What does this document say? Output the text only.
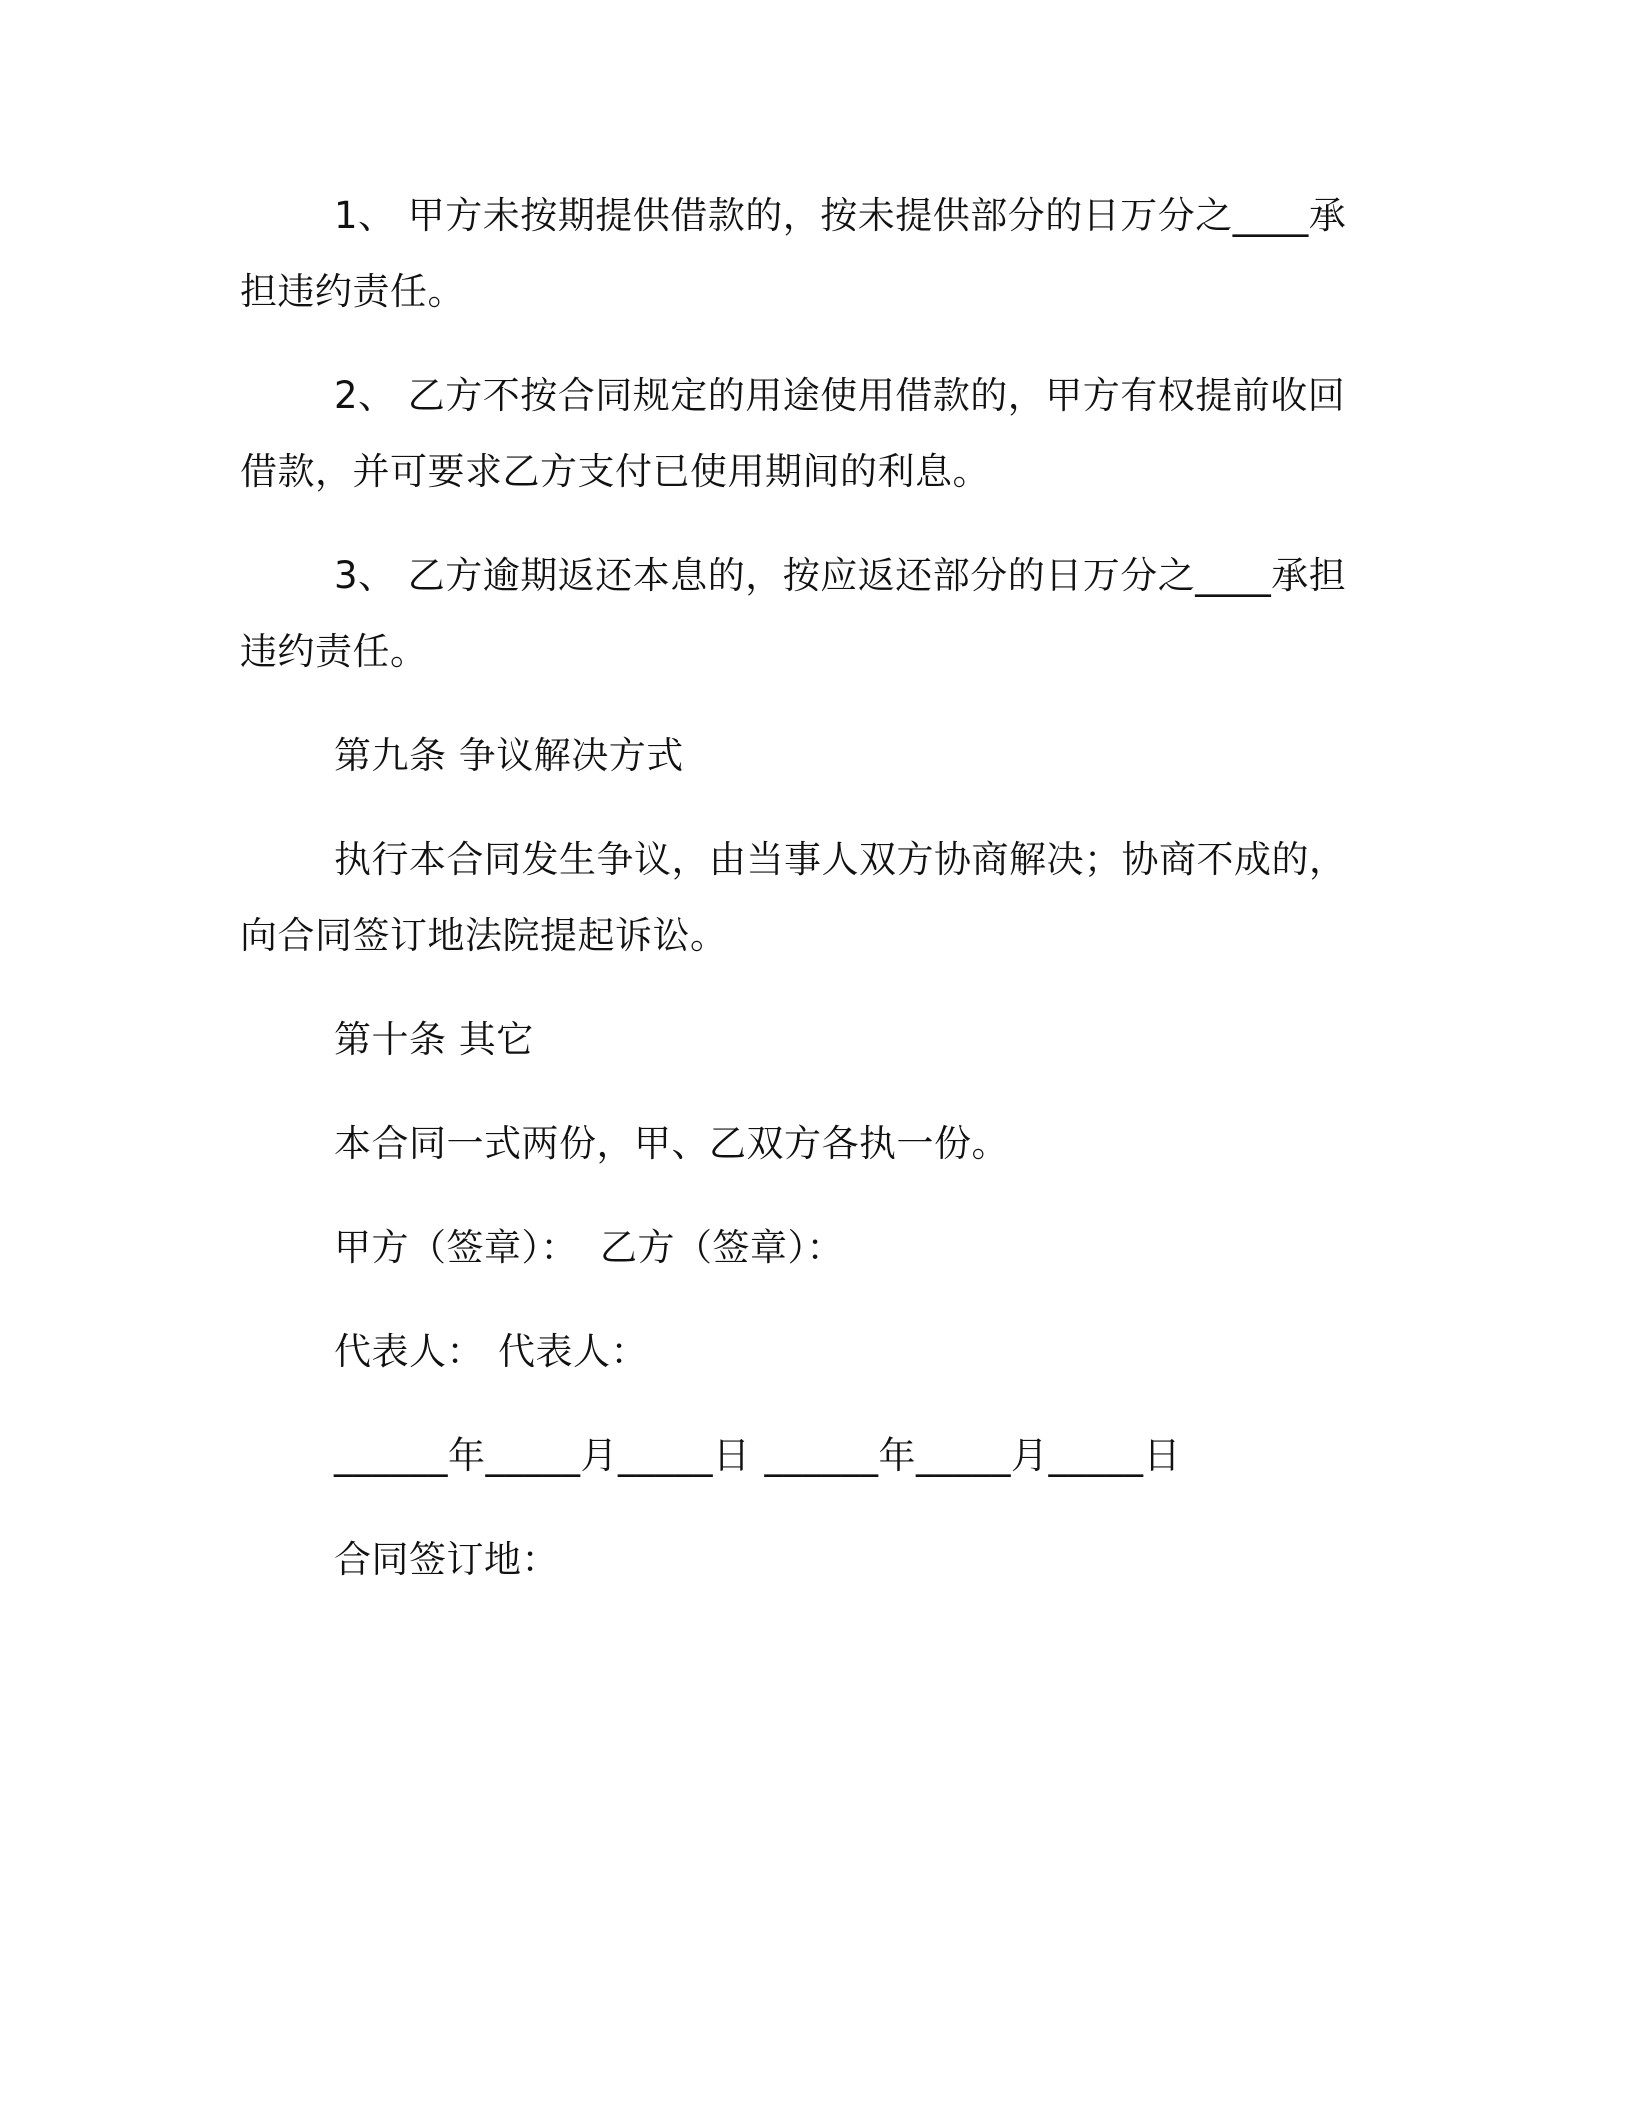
1、 甲方未按期提供借款的，按未提供部分的日万分之____承担违约责任。
2、 乙方不按合同规定的用途使用借款的，甲方有权提前收回借款，并可要求乙方支付已使用期间的利息。
3、 乙方逾期返还本息的，按应返还部分的日万分之____承担违约责任。
第九条 争议解决方式
执行本合同发生争议，由当事人双方协商解决；协商不成的，向合同签订地法院提起诉讼。
第十条 其它
本合同一式两份，甲、乙双方各执一份。
甲方（签章）： 乙方（签章）：
代表人： 代表人：
______年_____月_____日 ______年_____月_____日
合同签订地：
